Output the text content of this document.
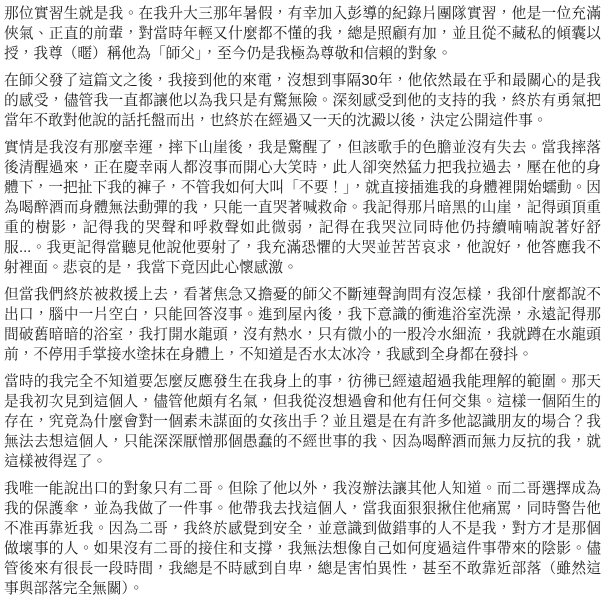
那位實習生就是我。在我升大三那年暑假，有幸加入彭導的紀錄片團隊實習，他是一位充滿俠氣、正直的前輩，對當時年輕又什麼都不懂的我，總是照顧有加，並且從不藏私的傾囊以授，我尊（暱）稱他為「師父」，至今仍是我極為尊敬和信賴的對象。

在師父發了這篇文之後，我接到他的來電，沒想到事隔30年，他依然最在乎和最關心的是我的感受，儘管我一直都讓他以為我只是有驚無險。深刻感受到他的支持的我，終於有勇氣把當年不敢對他說的話托盤而出，也終於在經過又一天的沈澱以後，決定公開這件事。

實情是我沒有那麼幸運，摔下山崖後，我是驚醒了，但該歌手的色膽並沒有失去。當我摔落後清醒過來，正在慶幸兩人都沒事而開心大笑時，此人卻突然猛力把我拉過去，壓在他的身體下，一把扯下我的褲子，不管我如何大叫「不要！」，就直接插進我的身體裡開始蠕動。因為喝醉酒而身體無法動彈的我，只能一直哭著喊救命。我記得那片暗黑的山崖，記得頭頂重重的樹影，記得我的哭聲和呼救聲如此微弱，記得在我哭泣同時他仍持續喃喃說著好舒服...。我更記得當聽見他說他要射了，我充滿恐懼的大哭並苦苦哀求，他說好，他答應我不射裡面。悲哀的是，我當下竟因此心懷感激。

但當我們終於被救援上去，看著焦急又擔憂的師父不斷連聲詢問有沒怎樣，我卻什麼都說不出口，腦中一片空白，只能回答沒事。進到屋內後，我下意識的衝進浴室洗澡，永遠記得那間破舊暗暗的浴室，我打開水龍頭，沒有熱水，只有微小的一股冷水細流，我就蹲在水龍頭前，不停用手掌接水塗抹在身體上，不知道是否水太冰冷，我感到全身都在發抖。

當時的我完全不知道要怎麼反應發生在我身上的事，彷彿已經遠超過我能理解的範圍。那天是我初次見到這個人，儘管他頗有名氣，但我從沒想過會和他有任何交集。這樣一個陌生的存在，究竟為什麼會對一個素未謀面的女孩出手？並且還是在有許多他認識朋友的場合？我無法去想這個人，只能深深厭憎那個愚蠢的不經世事的我、因為喝醉酒而無力反抗的我，就這樣被得逞了。

我唯一能說出口的對象只有二哥。但除了他以外，我沒辦法讓其他人知道。而二哥選擇成為我的保護傘，並為我做了一件事。他帶我去找這個人，當我面狠狠揪住他痛罵，同時警告他不准再靠近我。因為二哥，我終於感覺到安全，並意識到做錯事的人不是我，對方才是那個做壞事的人。如果沒有二哥的接住和支撐，我無法想像自己如何度過這件事帶來的陰影。儘管後來有很長一段時間，我總是不時感到自卑，總是害怕異性，甚至不敢靠近部落（雖然這事與部落完全無關）。
